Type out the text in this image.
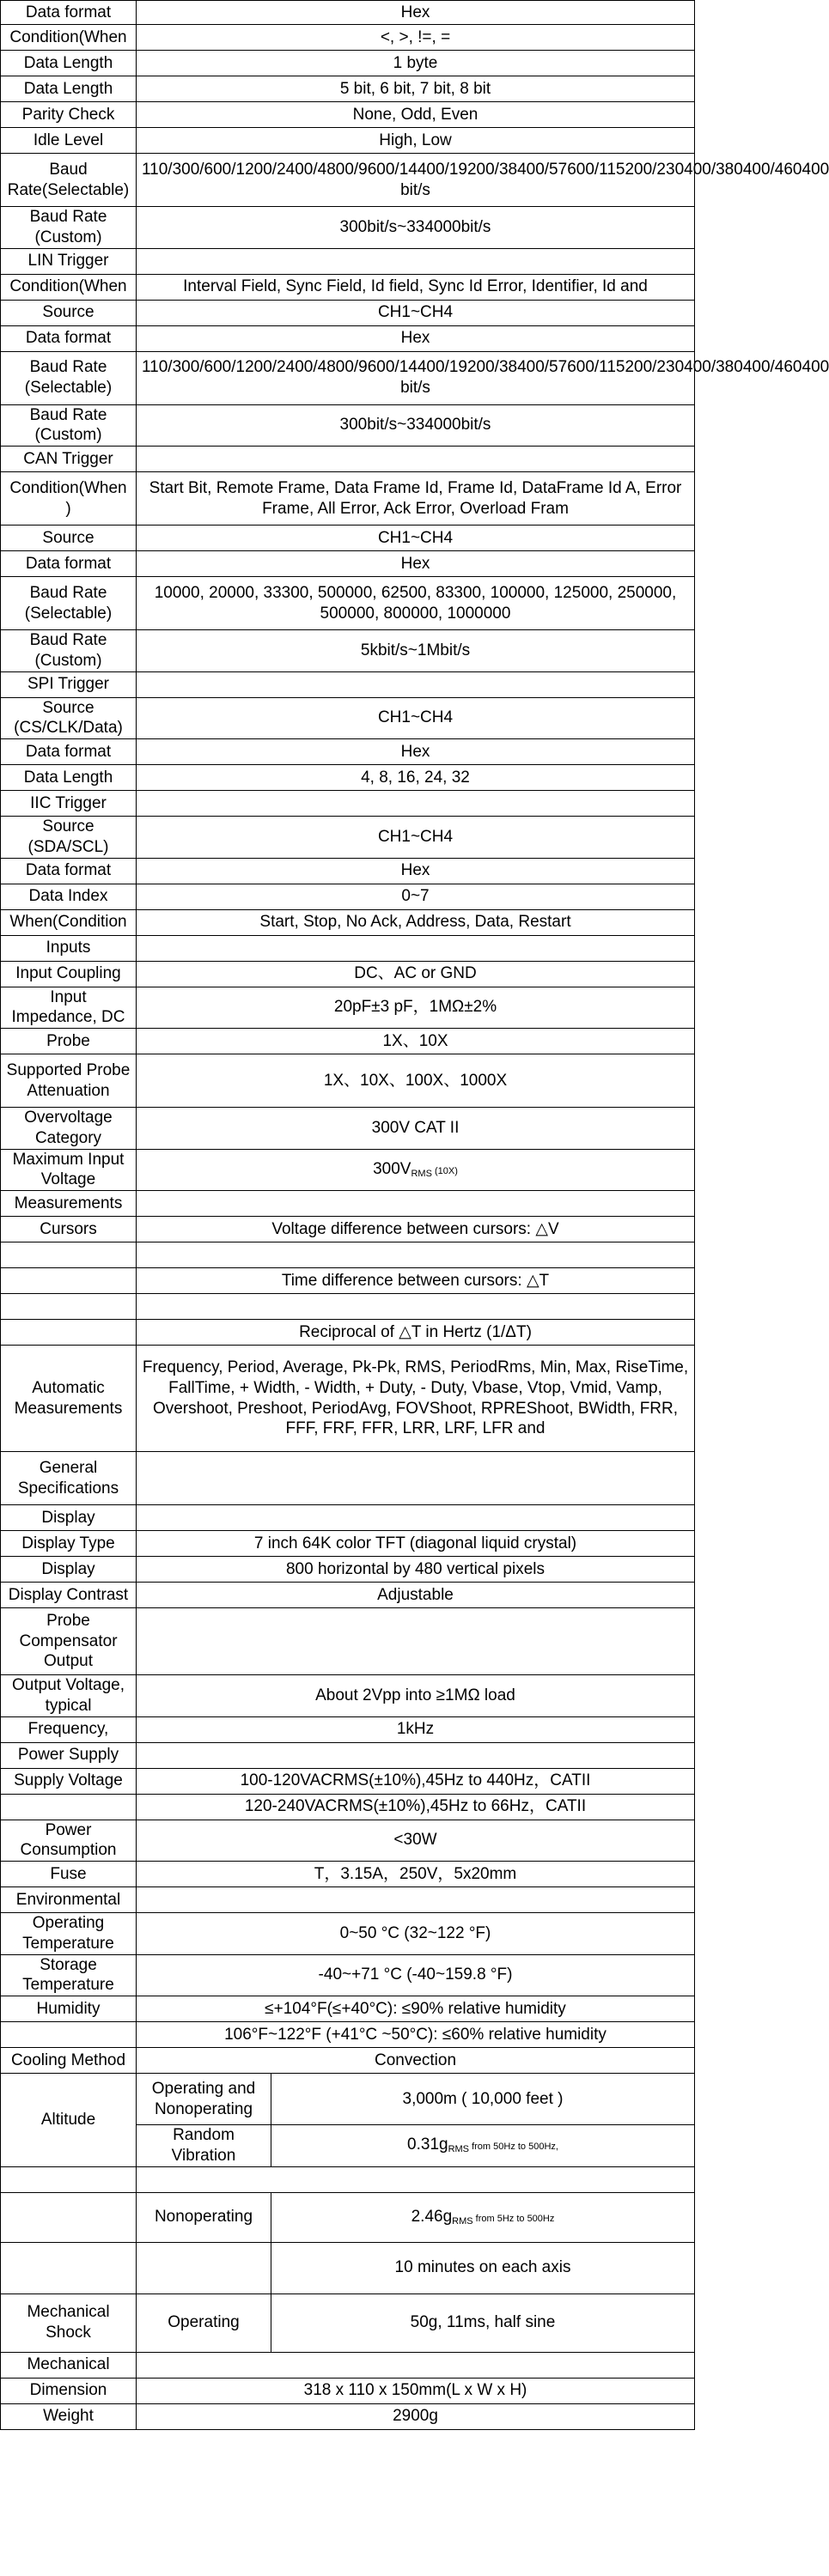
Data format	Hex	
Condition(When	<, >, !=, =	
Data Length	1 byte	
Data Length	5 bit, 6 bit, 7 bit, 8 bit	
Parity Check	None, Odd, Even	
Idle Level	High, Low	
Baud Rate(Selectable)	110/300/600/1200/2400/4800/9600/14400/19200/38400/57600/115200/230400/380400/460400 bit/s	
Baud Rate (Custom)	300bit/s~334000bit/s	
LIN Trigger		
Condition(When	Interval Field, Sync Field, Id field, Sync Id Error, Identifier, Id and	
Source	CH1~CH4	
Data format	Hex	
Baud Rate (Selectable)	110/300/600/1200/2400/4800/9600/14400/19200/38400/57600/115200/230400/380400/460400 bit/s	
Baud Rate (Custom)	300bit/s~334000bit/s	
CAN Trigger		
Condition(When )	Start Bit, Remote Frame, Data Frame Id, Frame Id, DataFrame Id A, Error Frame, All Error, Ack Error, Overload Fram	
Source	CH1~CH4	
Data format	Hex	
Baud Rate (Selectable)	10000, 20000, 33300, 500000, 62500, 83300, 100000, 125000, 250000, 500000, 800000, 1000000	
Baud Rate (Custom)	5kbit/s~1Mbit/s	
SPI Trigger		
Source (CS/CLK/Data)	CH1~CH4	
Data format	Hex	
Data Length	4, 8, 16, 24, 32	
IIC Trigger		
Source (SDA/SCL)	CH1~CH4	
Data format	Hex	
Data Index	0~7	
When(Condition	Start, Stop, No Ack, Address, Data, Restart	
Inputs		
Input Coupling	DC、AC or GND	
Input Impedance, DC	20pF±3 pF，1MΩ±2%	
Probe	1X、10X	
Supported Probe Attenuation	1X、10X、100X、1000X	
Overvoltage Category	300V CAT II	
Maximum Input Voltage	$300V_{RMS}$ (10X)	
Measurements		
Cursors	Voltage difference between cursors: △V	

	Time difference between cursors: △T	

	Reciprocal of △T in Hertz (1/ΔT)	
Automatic Measurements	Frequency, Period, Average, Pk-Pk, RMS, PeriodRms, Min, Max, RiseTime, FallTime, + Width, - Width, + Duty, - Duty, Vbase, Vtop, Vmid, Vamp, Overshoot, Preshoot, PeriodAvg, FOVShoot, RPREShoot, BWidth, FRR, FFF, FRF, FFR, LRR, LRF, LFR and	
General Specifications		
Display		
Display Type	7 inch 64K color TFT (diagonal liquid crystal)	
Display	800 horizontal by 480 vertical pixels	
Display Contrast	Adjustable	
Probe Compensator Output		
Output Voltage, typical	About 2Vpp into ≥1MΩ load	
Frequency,	1kHz	
Power Supply		
Supply Voltage	100-120VACRMS(±10%),45Hz to 440Hz，CATII	
	120-240VACRMS(±10%),45Hz to 66Hz，CATII	
Power Consumption	<30W	
Fuse	T，3.15A，250V，5x20mm	
Environmental		
Operating Temperature	0~50 °C (32~122 °F)	
Storage Temperature	-40~+71 °C (-40~159.8 °F)	
Humidity	≤+104°F(≤+40°C): ≤90% relative humidity	
	106°F~122°F (+41°C ~50°C): ≤60% relative humidity	
Cooling Method	Convection	
Altitude	Operating and Nonoperating	3,000m ( 10,000 feet )
	Random Vibration	$0.31g_{RMS}$ from 50Hz to 500Hz,

	Nonoperating	$2.46g_{RMS}$ from 5Hz to 500Hz
		10 minutes on each axis
Mechanical Shock	Operating	50g, 11ms, half sine
Mechanical		
Dimension	318 x 110 x 150mm(L x W x H)	
Weight	2900g	
